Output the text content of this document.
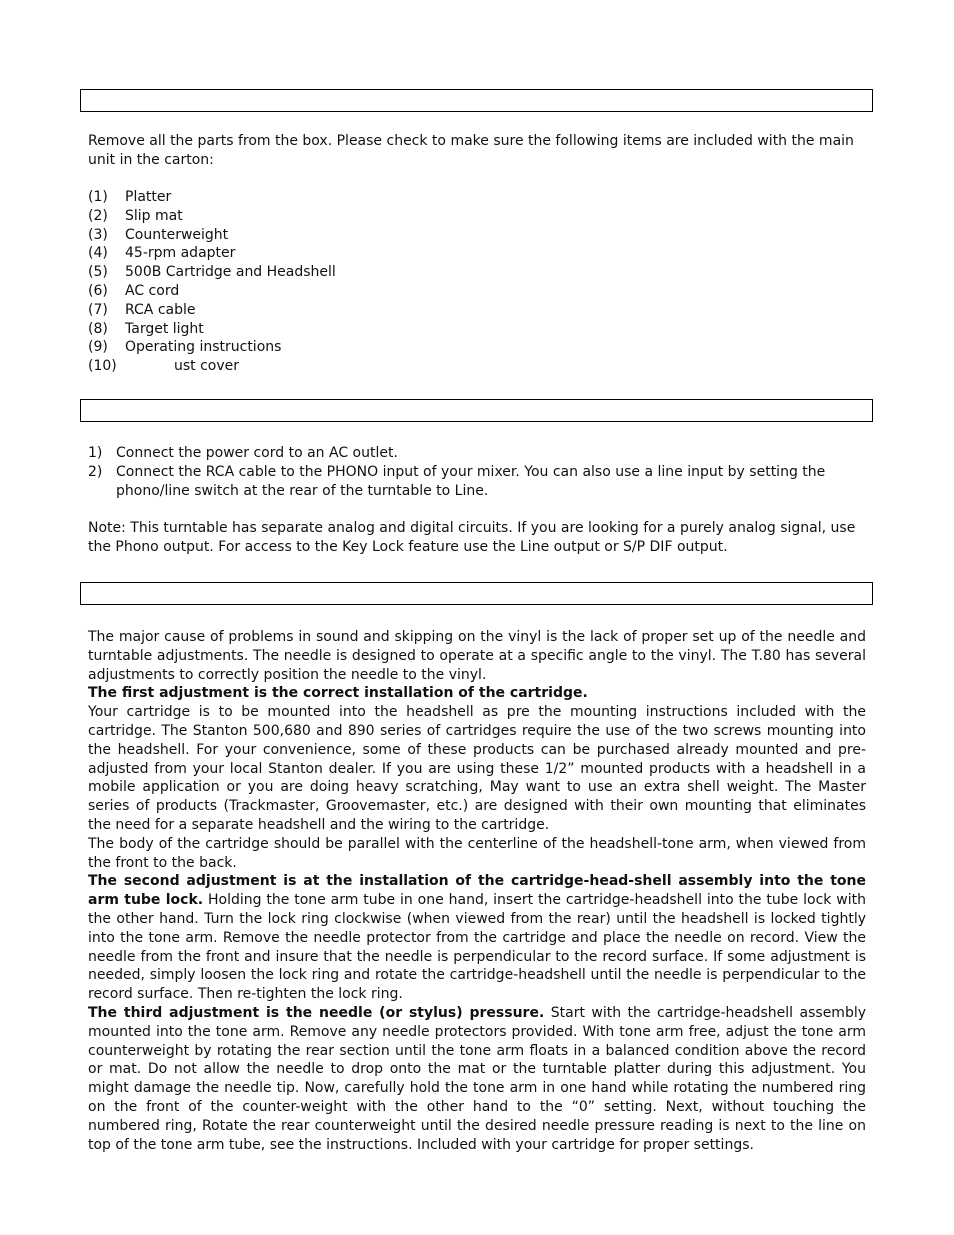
Remove all the parts from the box. Please check to make sure the following items are included with the main unit in the carton:

(1) Platter
(2) Slip mat
(3) Counterweight
(4) 45-rpm adapter
(5) 500B Cartridge and Headshell
(6) AC cord
(7) RCA cable
(8) Target light
(9) Operating instructions
(10)	ust cover
1) Connect the power cord to an AC outlet.
2) Connect the RCA cable to the PHONO input of your mixer. You can also use a line input by setting the phono/line switch at the rear of the turntable to Line.

Note: This turntable has separate analog and digital circuits. If you are looking for a purely analog signal, use the Phono output. For access to the Key Lock feature use the Line output or S/P DIF output.

The major cause of problems in sound and skipping on the vinyl is the lack of proper set up of the needle and turntable adjustments. The needle is designed to operate at a specific angle to the vinyl. The T.80 has several adjustments to correctly position the needle to the vinyl.

The first adjustment is the correct installation of the cartridge.

Your cartridge is to be mounted into the headshell as pre the mounting instructions included with the cartridge. The Stanton 500,680 and 890 series of cartridges require the use of the two screws mounting into the headshell. For your convenience, some of these products can be purchased already mounted and pre-adjusted from your local Stanton dealer. If you are using these 1/2” mounted products with a headshell in a mobile application or you are doing heavy scratching, May want to use an extra shell weight. The Master series of products (Trackmaster, Groovemaster, etc.) are designed with their own mounting that eliminates the need for a separate headshell and the wiring to the cartridge.

The body of the cartridge should be parallel with the centerline of the headshell-tone arm, when viewed from the front to the back.

The second adjustment is at the installation of the cartridge-head-shell assembly into the tone arm tube lock. Holding the tone arm tube in one hand, insert the cartridge-headshell into the tube lock with the other hand. Turn the lock ring clockwise (when viewed from the rear) until the headshell is locked tightly into the tone arm. Remove the needle protector from the cartridge and place the needle on record. View the needle from the front and insure that the needle is perpendicular to the record surface. If some adjustment is needed, simply loosen the lock ring and rotate the cartridge-headshell until the needle is perpendicular to the record surface. Then re-tighten the lock ring.

The third adjustment is the needle (or stylus) pressure. Start with the cartridge-headshell assembly mounted into the tone arm. Remove any needle protectors provided. With tone arm free, adjust the tone arm counterweight by rotating the rear section until the tone arm floats in a balanced condition above the record or mat. Do not allow the needle to drop onto the mat or the turntable platter during this adjustment. You might damage the needle tip. Now, carefully hold the tone arm in one hand while rotating the numbered ring on the front of the counter-weight with the other hand to the “0” setting. Next, without touching the numbered ring, Rotate the rear counterweight until the desired needle pressure reading is next to the line on top of the tone arm tube, see the instructions. Included with your cartridge for proper settings.
